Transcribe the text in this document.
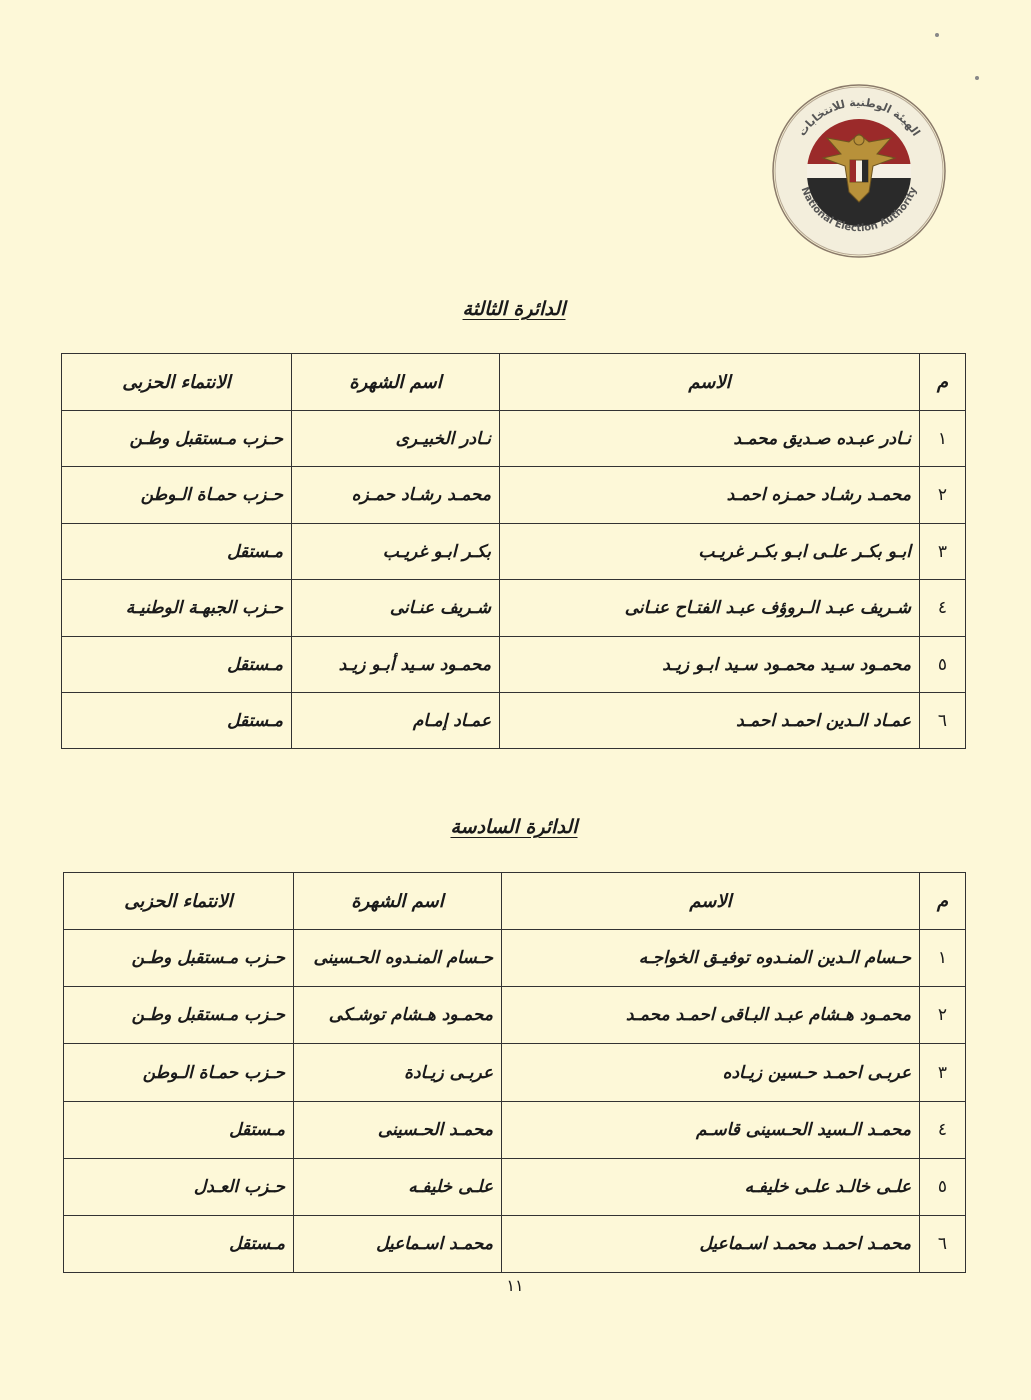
الهيئة الوطنية للانتخابات
National Election Authority
الدائرة الثالثة
م	الاسم	اسم الشهرة	الانتماء الحزبى
١	نـادر عبـده صـديق محمـد	نـادر الخبيـرى	حـزب مـستقبل وطـن
٢	محمـد رشـاد حمـزه احمـد	محمـد رشـاد حمـزه	حـزب حمـاة الـوطن
٣	ابـو بكـر علـى ابـو بكـر غريـب	بكـر ابـو غريـب	مـستقل
٤	شـريف عبـد الـروؤف عبـد الفتـاح عنـانى	شـريف عنـانى	حـزب الجبهـة الوطنيـة
٥	محمـود سـيد محمـود سـيد ابـو زيـد	محمـود سـيد أبـو زيـد	مـستقل
٦	عمـاد الـدين احمـد احمـد	عمـاد إمـام	مـستقل
الدائرة السادسة
م	الاسم	اسم الشهرة	الانتماء الحزبى
١	حـسام الـدين المنـدوه توفيـق الخواجـه	حـسام المنـدوه الحـسينى	حـزب مـستقبل وطـن
٢	محمـود هـشام عبـد البـاقى احمـد محمـد	محمـود هـشام توشـكى	حـزب مـستقبل وطـن
٣	عربـى احمـد حـسين زيـاده	عربـى زيـادة	حـزب حمـاة الـوطن
٤	محمـد الـسيد الحـسينى قاسـم	محمـد الحـسينى	مـستقل
٥	علـى خالـد علـى خليفـه	علـى خليفـه	حـزب العـدل
٦	محمـد احمـد محمـد اسـماعيل	محمـد اسـماعيل	مـستقل
١١
